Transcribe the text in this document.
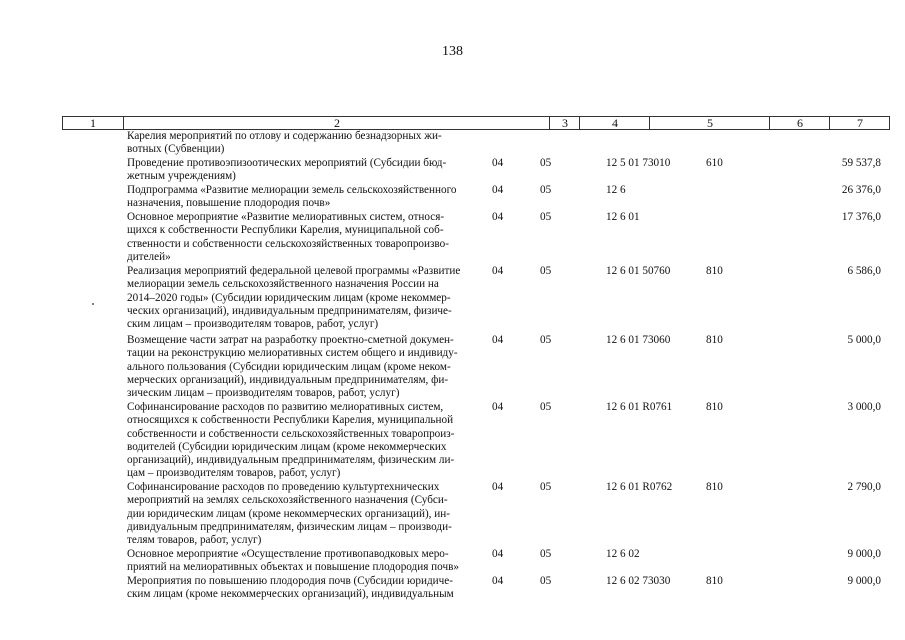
138
1	2	3	4	5	6	7
Карелия мероприятий по отлову и содержанию безнадзорных жи-
вотных (Субвенции)
Проведение противоэпизоотических мероприятий (Субсидии бюд-
жетным учреждениям)
04	05	12 5 01 73010	610	59 537,8
Подпрограмма «Развитие мелиорации земель сельскохозяйственного
назначения, повышение плодородия почв»
04	05	12 6	26 376,0
Основное мероприятие «Развитие мелиоративных систем, относя-
щихся к собственности Республики Карелия, муниципальной соб-
ственности и собственности сельскохозяйственных товаропроизво-
дителей»
04	05	12 6 01	17 376,0
Реализация мероприятий федеральной целевой программы «Развитие
мелиорации земель сельскохозяйственного назначения России на
2014–2020 годы» (Субсидии юридическим лицам (кроме некоммер-
ческих организаций), индивидуальным предпринимателям, физиче-
ским лицам – производителям товаров, работ, услуг)
04	05	12 6 01 50760	810	6 586,0
Возмещение части затрат на разработку проектно-сметной докумен-
тации на реконструкцию мелиоративных систем общего и индивиду-
ального пользования (Субсидии юридическим лицам (кроме неком-
мерческих организаций), индивидуальным предпринимателям, фи-
зическим лицам – производителям товаров, работ, услуг)
04	05	12 6 01 73060	810	5 000,0
Софинансирование расходов по развитию мелиоративных систем,
относящихся к собственности Республики Карелия, муниципальной
собственности и собственности сельскохозяйственных товаропроиз-
водителей (Субсидии юридическим лицам (кроме некоммерческих
организаций), индивидуальным предпринимателям, физическим ли-
цам – производителям товаров, работ, услуг)
04	05	12 6 01 R0761	810	3 000,0
Софинансирование расходов по проведению культуртехнических
мероприятий на землях сельскохозяйственного назначения (Субси-
дии юридическим лицам (кроме некоммерческих организаций), ин-
дивидуальным предпринимателям, физическим лицам – производи-
телям товаров, работ, услуг)
04	05	12 6 01 R0762	810	2 790,0
Основное мероприятие «Осуществление противопаводковых меро-
приятий на мелиоративных объектах и повышение плодородия почв»
04	05	12 6 02	9 000,0
Мероприятия по повышению плодородия почв (Субсидии юридиче-
ским лицам (кроме некоммерческих организаций), индивидуальным
04	05	12 6 02 73030	810	9 000,0
